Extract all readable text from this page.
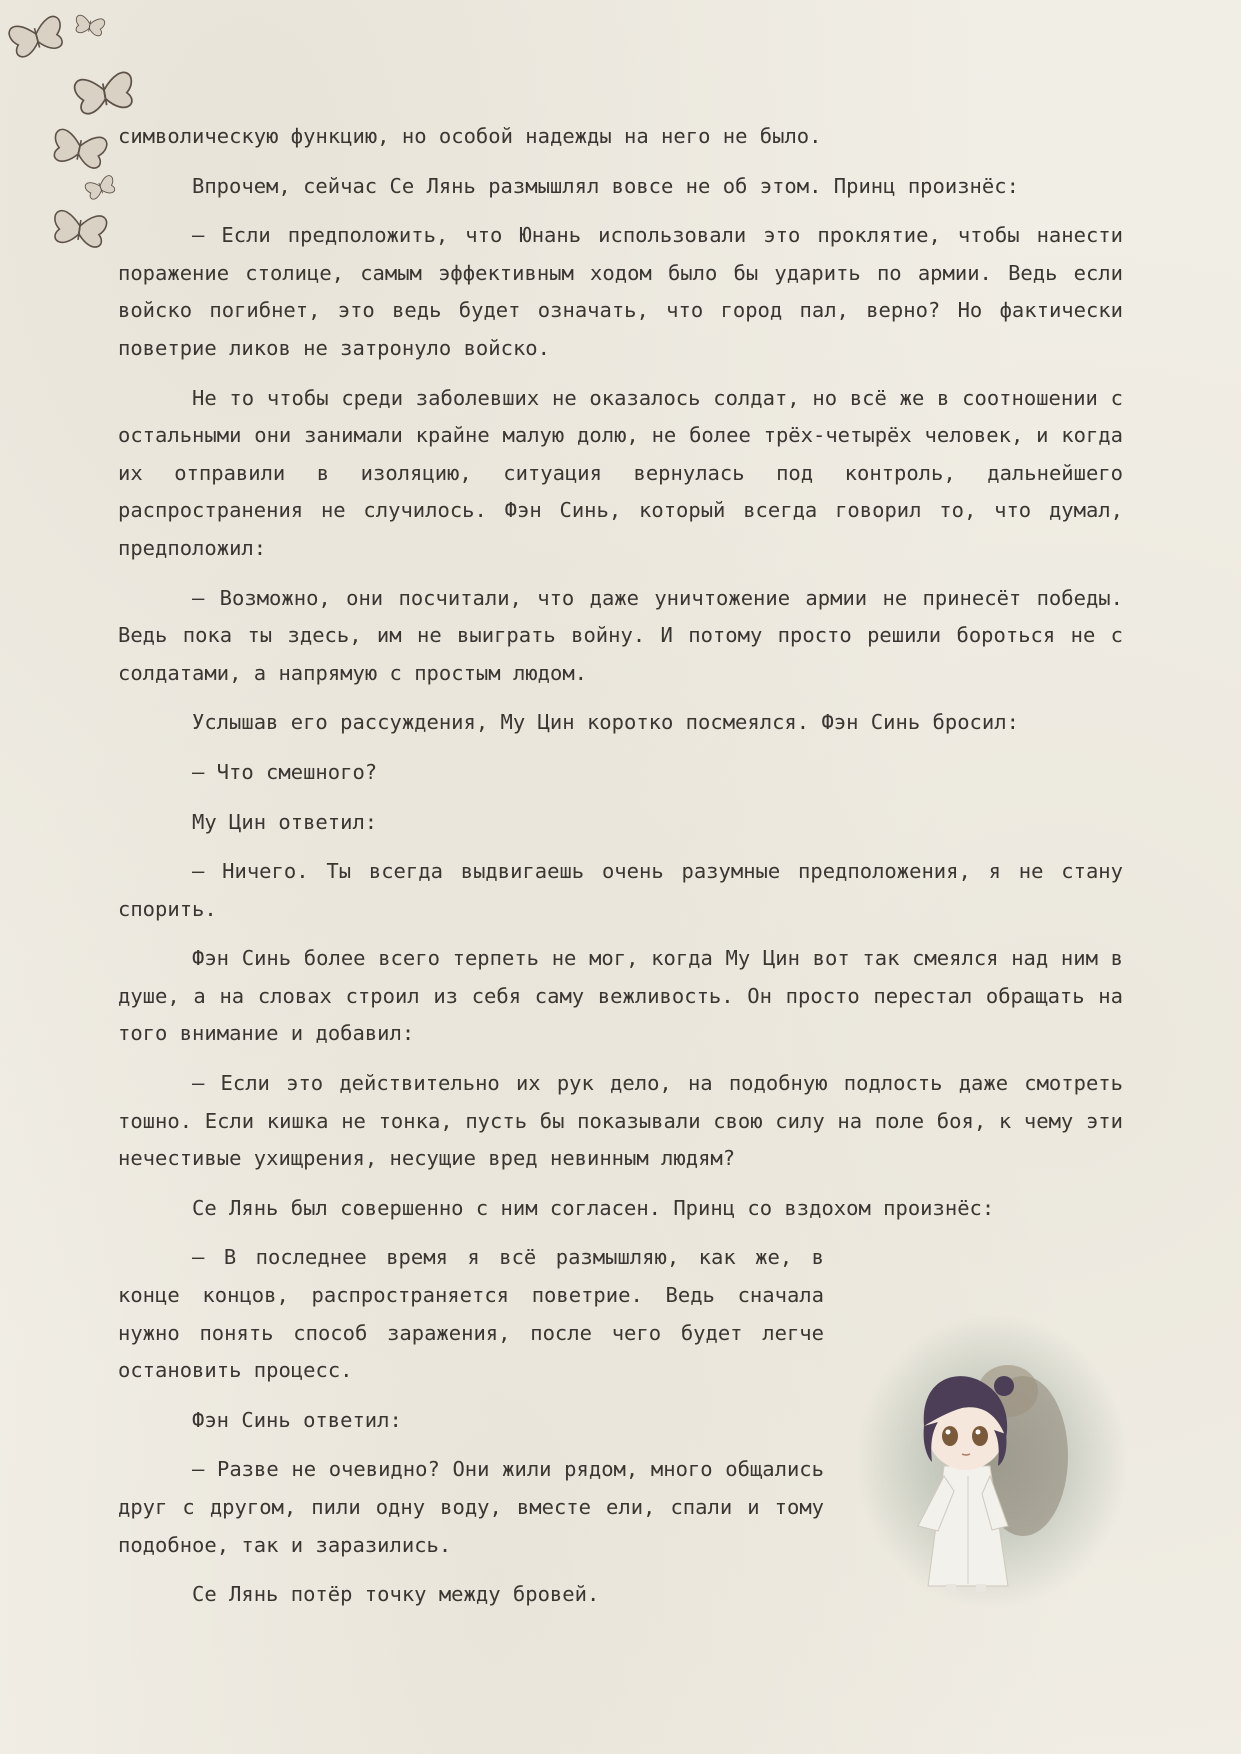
символическую функцию, но особой надежды на него не было.

Впрочем, сейчас Се Лянь размышлял вовсе не об этом. Принц произнёс:

— Если предположить, что Юнань использовали это проклятие, чтобы нанести поражение столице, самым эффективным ходом было бы ударить по армии. Ведь если войско погибнет, это ведь будет означать, что город пал, верно? Но фактически поветрие ликов не затронуло войско.

Не то чтобы среди заболевших не оказалось солдат, но всё же в соотношении с остальными они занимали крайне малую долю, не более трёх-четырёх человек, и когда их отправили в изоляцию, ситуация вернулась под контроль, дальнейшего распространения не случилось. Фэн Синь, который всегда говорил то, что думал, предположил:

— Возможно, они посчитали, что даже уничтожение армии не принесёт победы. Ведь пока ты здесь, им не выиграть войну. И потому просто решили бороться не с солдатами, а напрямую с простым людом.

Услышав его рассуждения, Му Цин коротко посмеялся. Фэн Синь бросил:

— Что смешного?

Му Цин ответил:

— Ничего. Ты всегда выдвигаешь очень разумные предположения, я не стану спорить.

Фэн Синь более всего терпеть не мог, когда Му Цин вот так смеялся над ним в душе, а на словах строил из себя саму вежливость. Он просто перестал обращать на того внимание и добавил:

— Если это действительно их рук дело, на подобную подлость даже смотреть тошно. Если кишка не тонка, пусть бы показывали свою силу на поле боя, к чему эти нечестивые ухищрения, несущие вред невинным людям?

Се Лянь был совершенно с ним согласен. Принц со вздохом произнёс:

— В последнее время я всё размышляю, как же, в конце концов, распространяется поветрие. Ведь сначала нужно понять способ заражения, после чего будет легче остановить процесс.

Фэн Синь ответил:

— Разве не очевидно? Они жили рядом, много общались друг с другом, пили одну воду, вместе ели, спали и тому подобное, так и заразились.

Се Лянь потёр точку между бровей.
